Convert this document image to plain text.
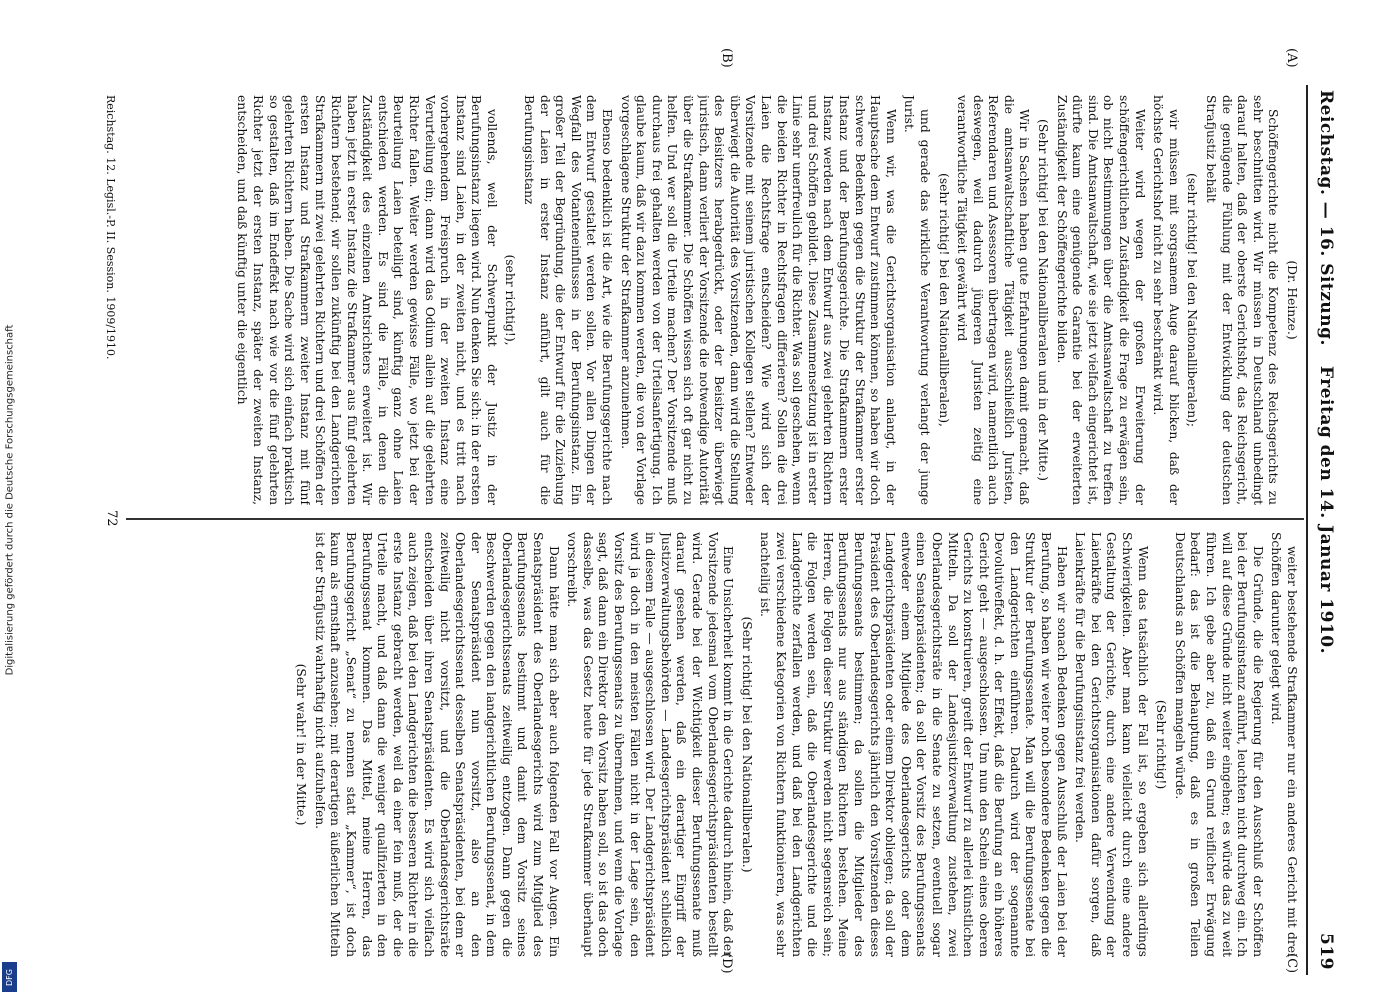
Digitalisierung gefördert durch die Deutsche Forschungsgemeinschaft
DFG
Reichstag. — 16. Sitzung.
Freitag den 14. Januar 1910.
519
(A)
(B)
(C)
(D)

(Dr. Heinze.)

Schöffengerichte nicht die Kompetenz des Reichsgerichts zu sehr beschnitten wird. Wir müssen in Deutschland unbedingt darauf halten, daß der oberste Gerichtshof, das Reichsgericht, die genügende Fühlung mit der Entwicklung der deutschen Strafjustiz behält

(sehr richtig! bei den Nationalliberalen);

wir müssen mit sorgsamem Auge darauf blicken, daß der höchste Gerichtshof nicht zu sehr beschränkt wird.

Weiter wird wegen der großen Erweiterung der schöffengerichtlichen Zuständigkeit die Frage zu erwägen sein, ob nicht Bestimmungen über die Amtsanwaltschaft zu treffen sind. Die Amtsanwaltschaft, wie sie jetzt vielfach eingerichtet ist, dürfte kaum eine genügende Garantie bei der erweiterten Zuständigkeit der Schöffengerichte bilden.

(Sehr richtig! bei den Nationalliberalen und in der Mitte.)

Wir in Sachsen haben gute Erfahrungen damit gemacht, daß die amtsanwaltschaftliche Tätigkeit ausschließlich Juristen, Referendaren und Assessoren übertragen wird, namentlich auch deswegen, weil dadurch jüngeren Juristen zeitig eine verantwortliche Tätigkeit gewährt wird

(sehr richtig! bei den Nationalliberalen),

und gerade das wirkliche Verantwortung verlangt der junge Jurist.

Wenn wir, was die Gerichtsorganisation anlangt, in der Hauptsache dem Entwurf zustimmen können, so haben wir doch schwere Bedenken gegen die Struktur der Strafkammer erster Instanz und der Berufungsgerichte. Die Strafkammern erster Instanz werden nach dem Entwurf aus zwei gelehrten Richtern und drei Schöffen gebildet. Diese Zusammensetzung ist in erster Linie sehr unerfreulich für die Richter. Was soll geschehen, wenn die beiden Richter in Rechtsfragen differieren? Sollen die drei Laien die Rechtsfrage entscheiden? Wie wird sich der Vorsitzende mit seinem juristischen Kollegen stellen? Entweder überwiegt die Autorität des Vorsitzenden, dann wird die Stellung des Beisitzers herabgedrückt, oder der Beisitzer überwiegt juristisch, dann verliert der Vorsitzende die notwendige Autorität über die Strafkammer. Die Schöffen wissen sich oft gar nicht zu helfen. Und wer soll die Urteile machen? Der Vorsitzende muß durchaus frei gehalten werden von der Urteilsanfertigung. Ich glaube kaum, daß wir dazu kommen werden, die von der Vorlage vorgeschlagene Struktur der Strafkammer anzunehmen.

Ebenso bedenklich ist die Art, wie die Berufungsgerichte nach dem Entwurf gestaltet werden sollen. Vor allen Dingen der Wegfall des Votanteneinflusses in der Berufungsinstanz. Ein großer Teil der Begründung, die der Entwurf für die Zuziehung der Laien in erster Instanz anführt, gilt auch für die Berufungsinstanz

(sehr richtig!),

vollends, weil der Schwerpunkt der Justiz in der Berufungsinstanz liegen wird. Nun denken Sie sich: in der ersten Instanz sind Laien, in der zweiten nicht, und es tritt nach vorhergehendem Freispruch in der zweiten Instanz eine Verurteilung ein; dann wird das Odium allein auf die gelehrten Richter fallen. Weiter werden gewisse Fälle, wo jetzt bei der Beurteilung Laien beteiligt sind, künftig ganz ohne Laien entschieden werden. Es sind die Fälle, in denen die Zuständigkeit des einzelnen Amtsrichters erweitert ist. Wir haben jetzt in erster Instanz die Strafkammer aus fünf gelehrten Richtern bestehend; wir sollen zukünftig bei den Landgerichten Strafkammern mit zwei gelehrten Richtern und drei Schöffen der ersten Instanz und Strafkammern zweiter Instanz mit fünf gelehrten Richtern haben. Die Sache wird sich einfach praktisch so gestalten, daß im Endeffekt nach wie vor die fünf gelehrten Richter jetzt der ersten Instanz, später der zweiten Instanz, entscheiden, und daß künftig unter die eigentlich

weiter bestehende Strafkammer nur ein anderes Gericht mit drei Schöffen darunter gelegt wird.

Die Gründe, die die Regierung für den Ausschluß der Schöffen bei der Berufungsinstanz anführt, leuchten nicht durchweg ein. Ich will auf diese Gründe nicht weiter eingehen; es würde das zu weit führen. Ich gebe aber zu, daß ein Grund reiflicher Erwägung bedarf: das ist die Behauptung, daß es in großen Teilen Deutschlands an Schöffen mangeln würde.

(Sehr richtig!)

Wenn das tatsächlich der Fall ist, so ergeben sich allerdings Schwierigkeiten. Aber man kann vielleicht durch eine andere Gestaltung der Gerichte, durch eine andere Verwendung der Laienkräfte bei den Gerichtsorganisationen dafür sorgen, daß Laienkräfte für die Berufungsinstanz frei werden.

Haben wir sonach Bedenken gegen Ausschluß der Laien bei der Berufung, so haben wir weiter noch besondere Bedenken gegen die Struktur der Berufungssenate. Man will die Berufungssenate bei den Landgerichten einführen. Dadurch wird der sogenannte Devolutiveffekt, d. h. der Effekt, daß die Berufung an ein höheres Gericht geht — ausgeschlossen. Um nun den Schein eines oberen Gerichts zu konstruieren, greift der Entwurf zu allerlei künstlichen Mitteln. Da soll der Landesjustizverwaltung zustehen, zwei Oberlandesgerichtsräte in die Senate zu setzen, eventuell sogar einen Senatspräsidenten; da soll der Vorsitz des Berufungssenats entweder einem Mitgliede des Oberlandesgerichts oder dem Landgerichtspräsidenten oder einem Direktor obliegen; da soll der Präsident des Oberlandesgerichts jährlich den Vorsitzenden dieses Berufungssenats bestimmen; da sollen die Mitglieder des Berufungssenats nur aus ständigen Richtern bestehen. Meine Herren, die Folgen dieser Struktur werden nicht segensreich sein; die Folgen werden sein, daß die Oberlandesgerichte und die Landgerichte zerfallen werden, und daß bei den Landgerichten zwei verschiedene Kategorien von Richtern funktionieren, was sehr nachteilig ist.

(Sehr richtig! bei den Nationalliberalen.)

Eine Unsicherheit kommt in die Gerichte dadurch hinein, daß der Vorsitzende jedesmal vom Oberlandesgerichtspräsidenten bestellt wird. Gerade bei der Wichtigkeit dieser Berufungssenate muß darauf gesehen werden, daß ein derartiger Eingriff der Justizverwaltungsbehörden — Landesgerichtspräsident schließlich in diesem Falle — ausgeschlossen wird. Der Landgerichtspräsident wird ja doch in den meisten Fällen nicht in der Lage sein, den Vorsitz des Berufungssenats zu übernehmen, und wenn die Vorlage sagt, daß dann ein Direktor den Vorsitz haben soll, so ist das doch dasselbe, was das Gesetz heute für jede Strafkammer überhaupt vorschreibt.

Dann hätte man sich aber auch folgenden Fall vor Augen. Ein Senatspräsident des Oberlandesgerichts wird zum Mitglied des Berufungssenats bestimmt und damit dem Vorsitz seines Oberlandesgerichtssenats zeitweilig entzogen. Dann gegen die Beschwerden gegen den landgerichtlichen Berufungssenat, in dem der Senatspräsident nun vorsitzt, also an den Oberlandesgerichtssenat desselben Senatspräsidenten, bei dem er zeitweilig nicht vorsitzt, und die Oberlandesgerichtsräte entscheiden über ihren Senatspräsidenten. Es wird sich vielfach auch zeigen, daß bei den Landgerichten die besseren Richter in die erste Instanz gebracht werden, weil da einer fein muß, der die Urteile macht, und daß dann die weniger qualifizierten in den Berufungssenat kommen. Das Mittel, meine Herren, das Berufungsgericht „Senat“ zu nennen statt „Kammer“, ist doch kaum als ernsthaft anzusehen; mit derartigen äußerlichen Mitteln ist der Strafjustiz wahrhaftig nicht aufzuhelfen.

(Sehr wahr! in der Mitte.)

Reichstag. 12. Legisl.-P. II. Session. 1909/1910.
72
